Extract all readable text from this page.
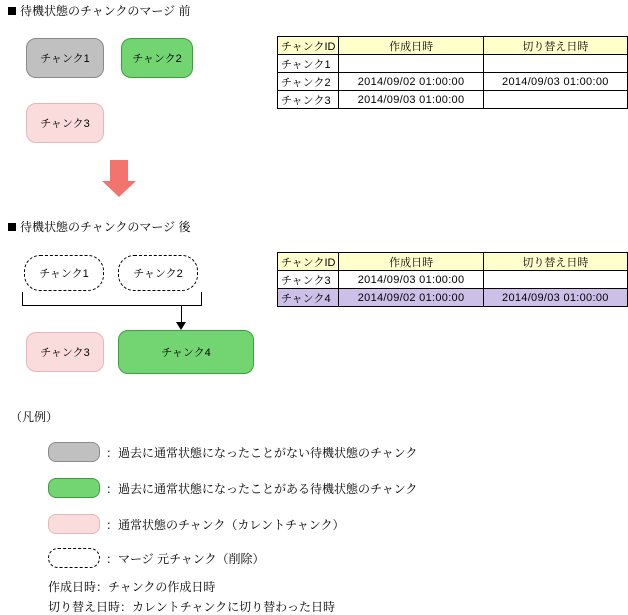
待機状態のチャンクのマージ 前
チャンク1	チャンク2
チャンク3
チャンクID	作成日時	切り替え日時
チャンク1		
チャンク2	2014/09/02 01:00:00	2014/09/03 01:00:00
チャンク3	2014/09/03 01:00:00	
待機状態のチャンクのマージ 後
チャンク1	チャンク2
チャンク3	チャンク4
チャンクID	作成日時	切り替え日時
チャンク3	2014/09/03 01:00:00	
チャンク4	2014/09/02 01:00:00	2014/09/03 01:00:00
（凡例）
：過去に通常状態になったことがない待機状態のチャンク
：過去に通常状態になったことがある待機状態のチャンク
：通常状態のチャンク（カレントチャンク）
：マージ 元チャンク（削除）
作成日時：チャンクの作成日時
切り替え日時：カレントチャンクに切り替わった日時
